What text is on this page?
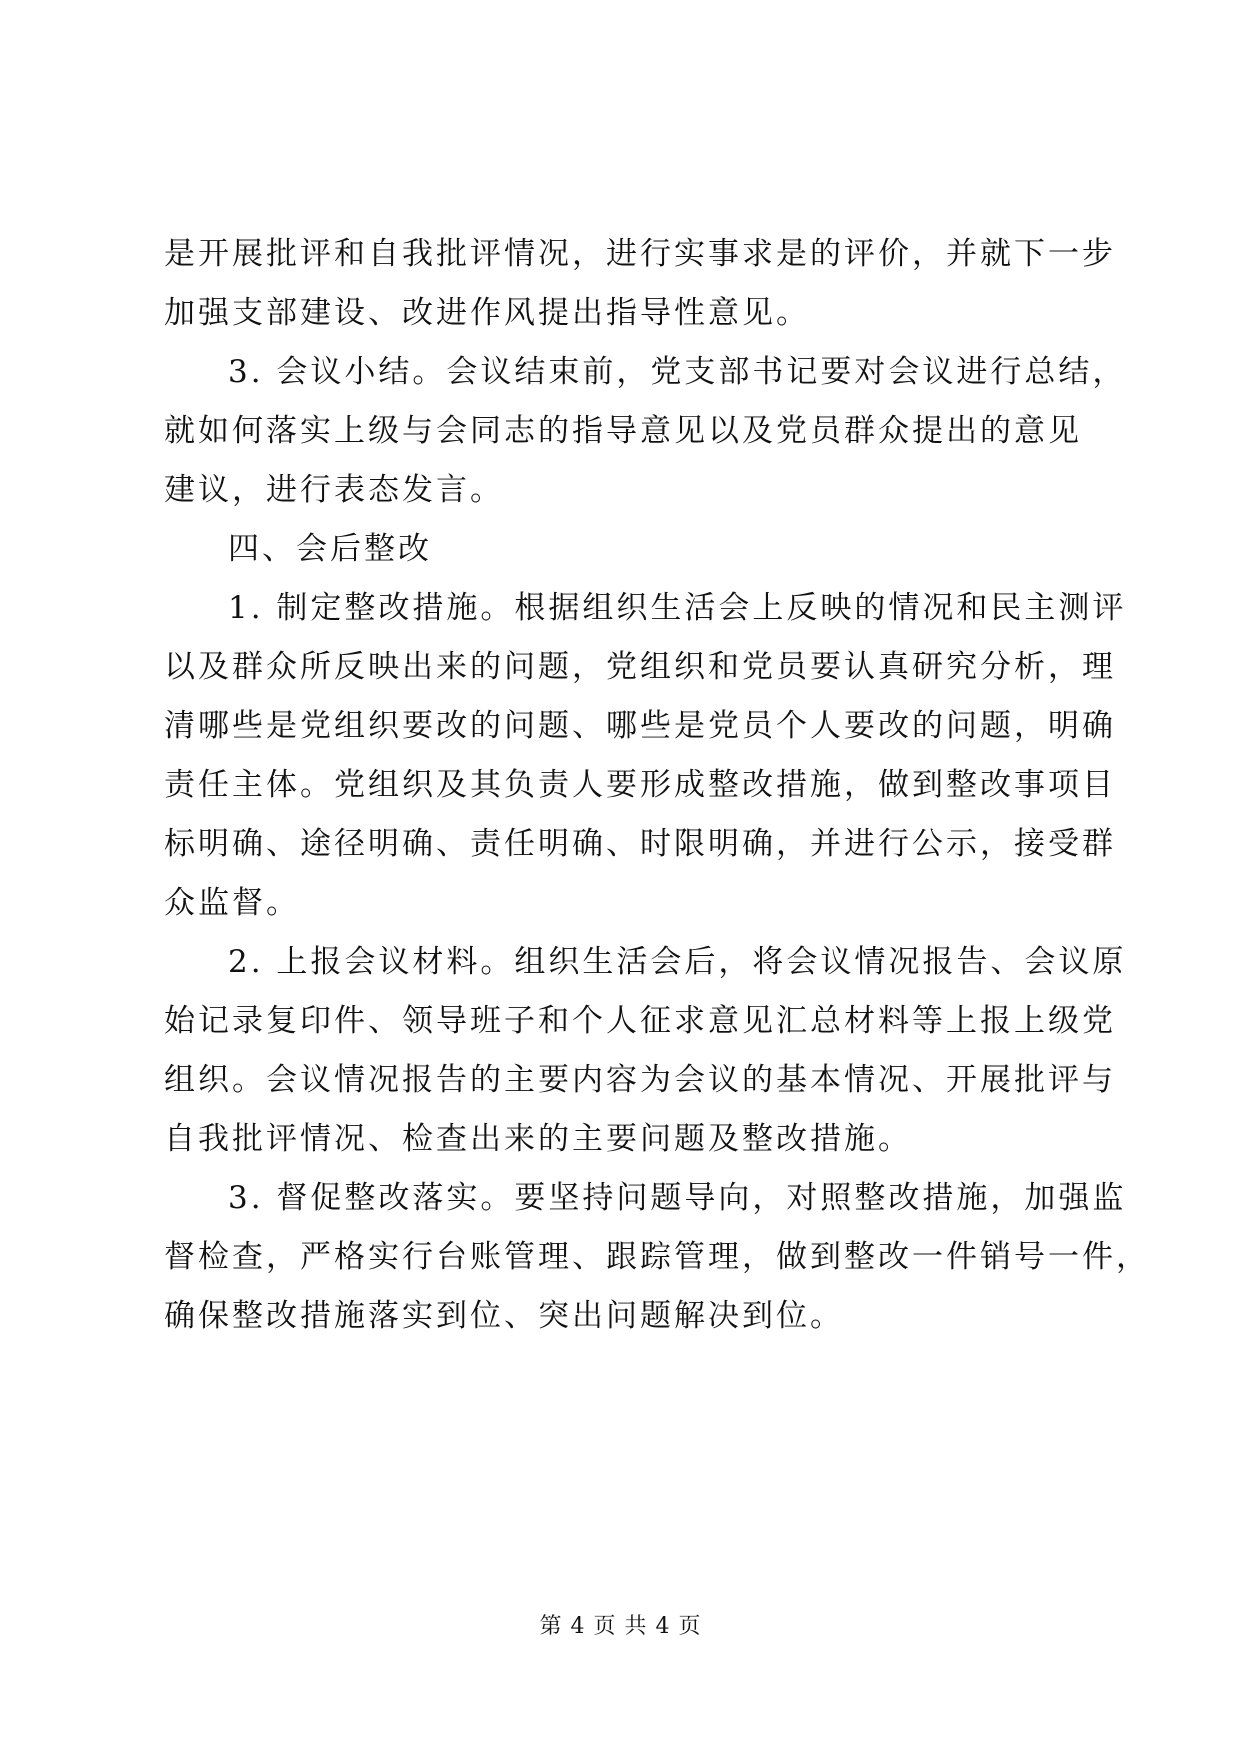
是开展批评和自我批评情况，进行实事求是的评价，并就下一步
加强支部建设、改进作风提出指导性意见。
3. 会议小结。会议结束前，党支部书记要对会议进行总结，
就如何落实上级与会同志的指导意见以及党员群众提出的意见
建议，进行表态发言。
四、会后整改
1. 制定整改措施。根据组织生活会上反映的情况和民主测评
以及群众所反映出来的问题，党组织和党员要认真研究分析，理
清哪些是党组织要改的问题、哪些是党员个人要改的问题，明确
责任主体。党组织及其负责人要形成整改措施，做到整改事项目
标明确、途径明确、责任明确、时限明确，并进行公示，接受群
众监督。
2. 上报会议材料。组织生活会后，将会议情况报告、会议原
始记录复印件、领导班子和个人征求意见汇总材料等上报上级党
组织。会议情况报告的主要内容为会议的基本情况、开展批评与
自我批评情况、检查出来的主要问题及整改措施。
3. 督促整改落实。要坚持问题导向，对照整改措施，加强监
督检查，严格实行台账管理、跟踪管理，做到整改一件销号一件，
确保整改措施落实到位、突出问题解决到位。
第 4 页 共 4 页
